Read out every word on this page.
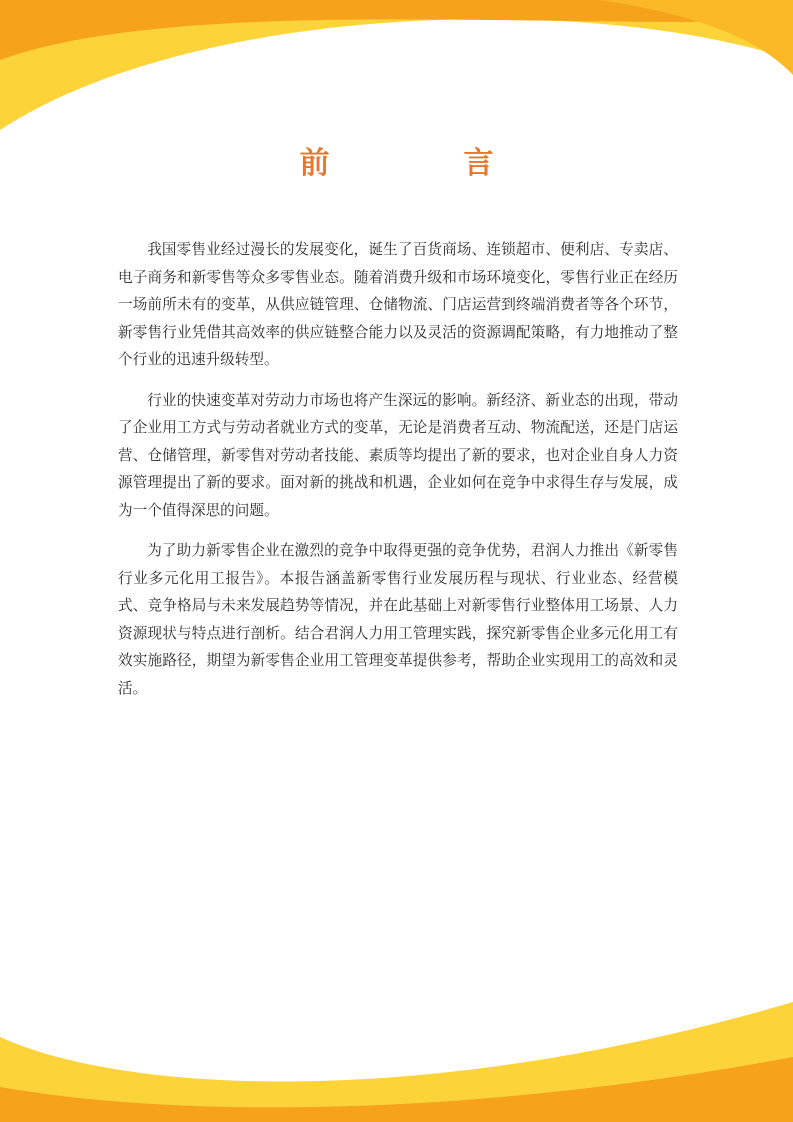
前　言

我国零售业经过漫长的发展变化，诞生了百货商场、连锁超市、便利店、专卖店、电子商务和新零售等众多零售业态。随着消费升级和市场环境变化，零售行业正在经历一场前所未有的变革，从供应链管理、仓储物流、门店运营到终端消费者等各个环节，新零售行业凭借其高效率的供应链整合能力以及灵活的资源调配策略，有力地推动了整个行业的迅速升级转型。

行业的快速变革对劳动力市场也将产生深远的影响。新经济、新业态的出现，带动了企业用工方式与劳动者就业方式的变革，无论是消费者互动、物流配送，还是门店运营、仓储管理，新零售对劳动者技能、素质等均提出了新的要求，也对企业自身人力资源管理提出了新的要求。面对新的挑战和机遇，企业如何在竞争中求得生存与发展，成为一个值得深思的问题。

为了助力新零售企业在激烈的竞争中取得更强的竞争优势，君润人力推出《新零售行业多元化用工报告》。本报告涵盖新零售行业发展历程与现状、行业业态、经营模式、竞争格局与未来发展趋势等情况，并在此基础上对新零售行业整体用工场景、人力资源现状与特点进行剖析。结合君润人力用工管理实践，探究新零售企业多元化用工有效实施路径，期望为新零售企业用工管理变革提供参考，帮助企业实现用工的高效和灵活。
